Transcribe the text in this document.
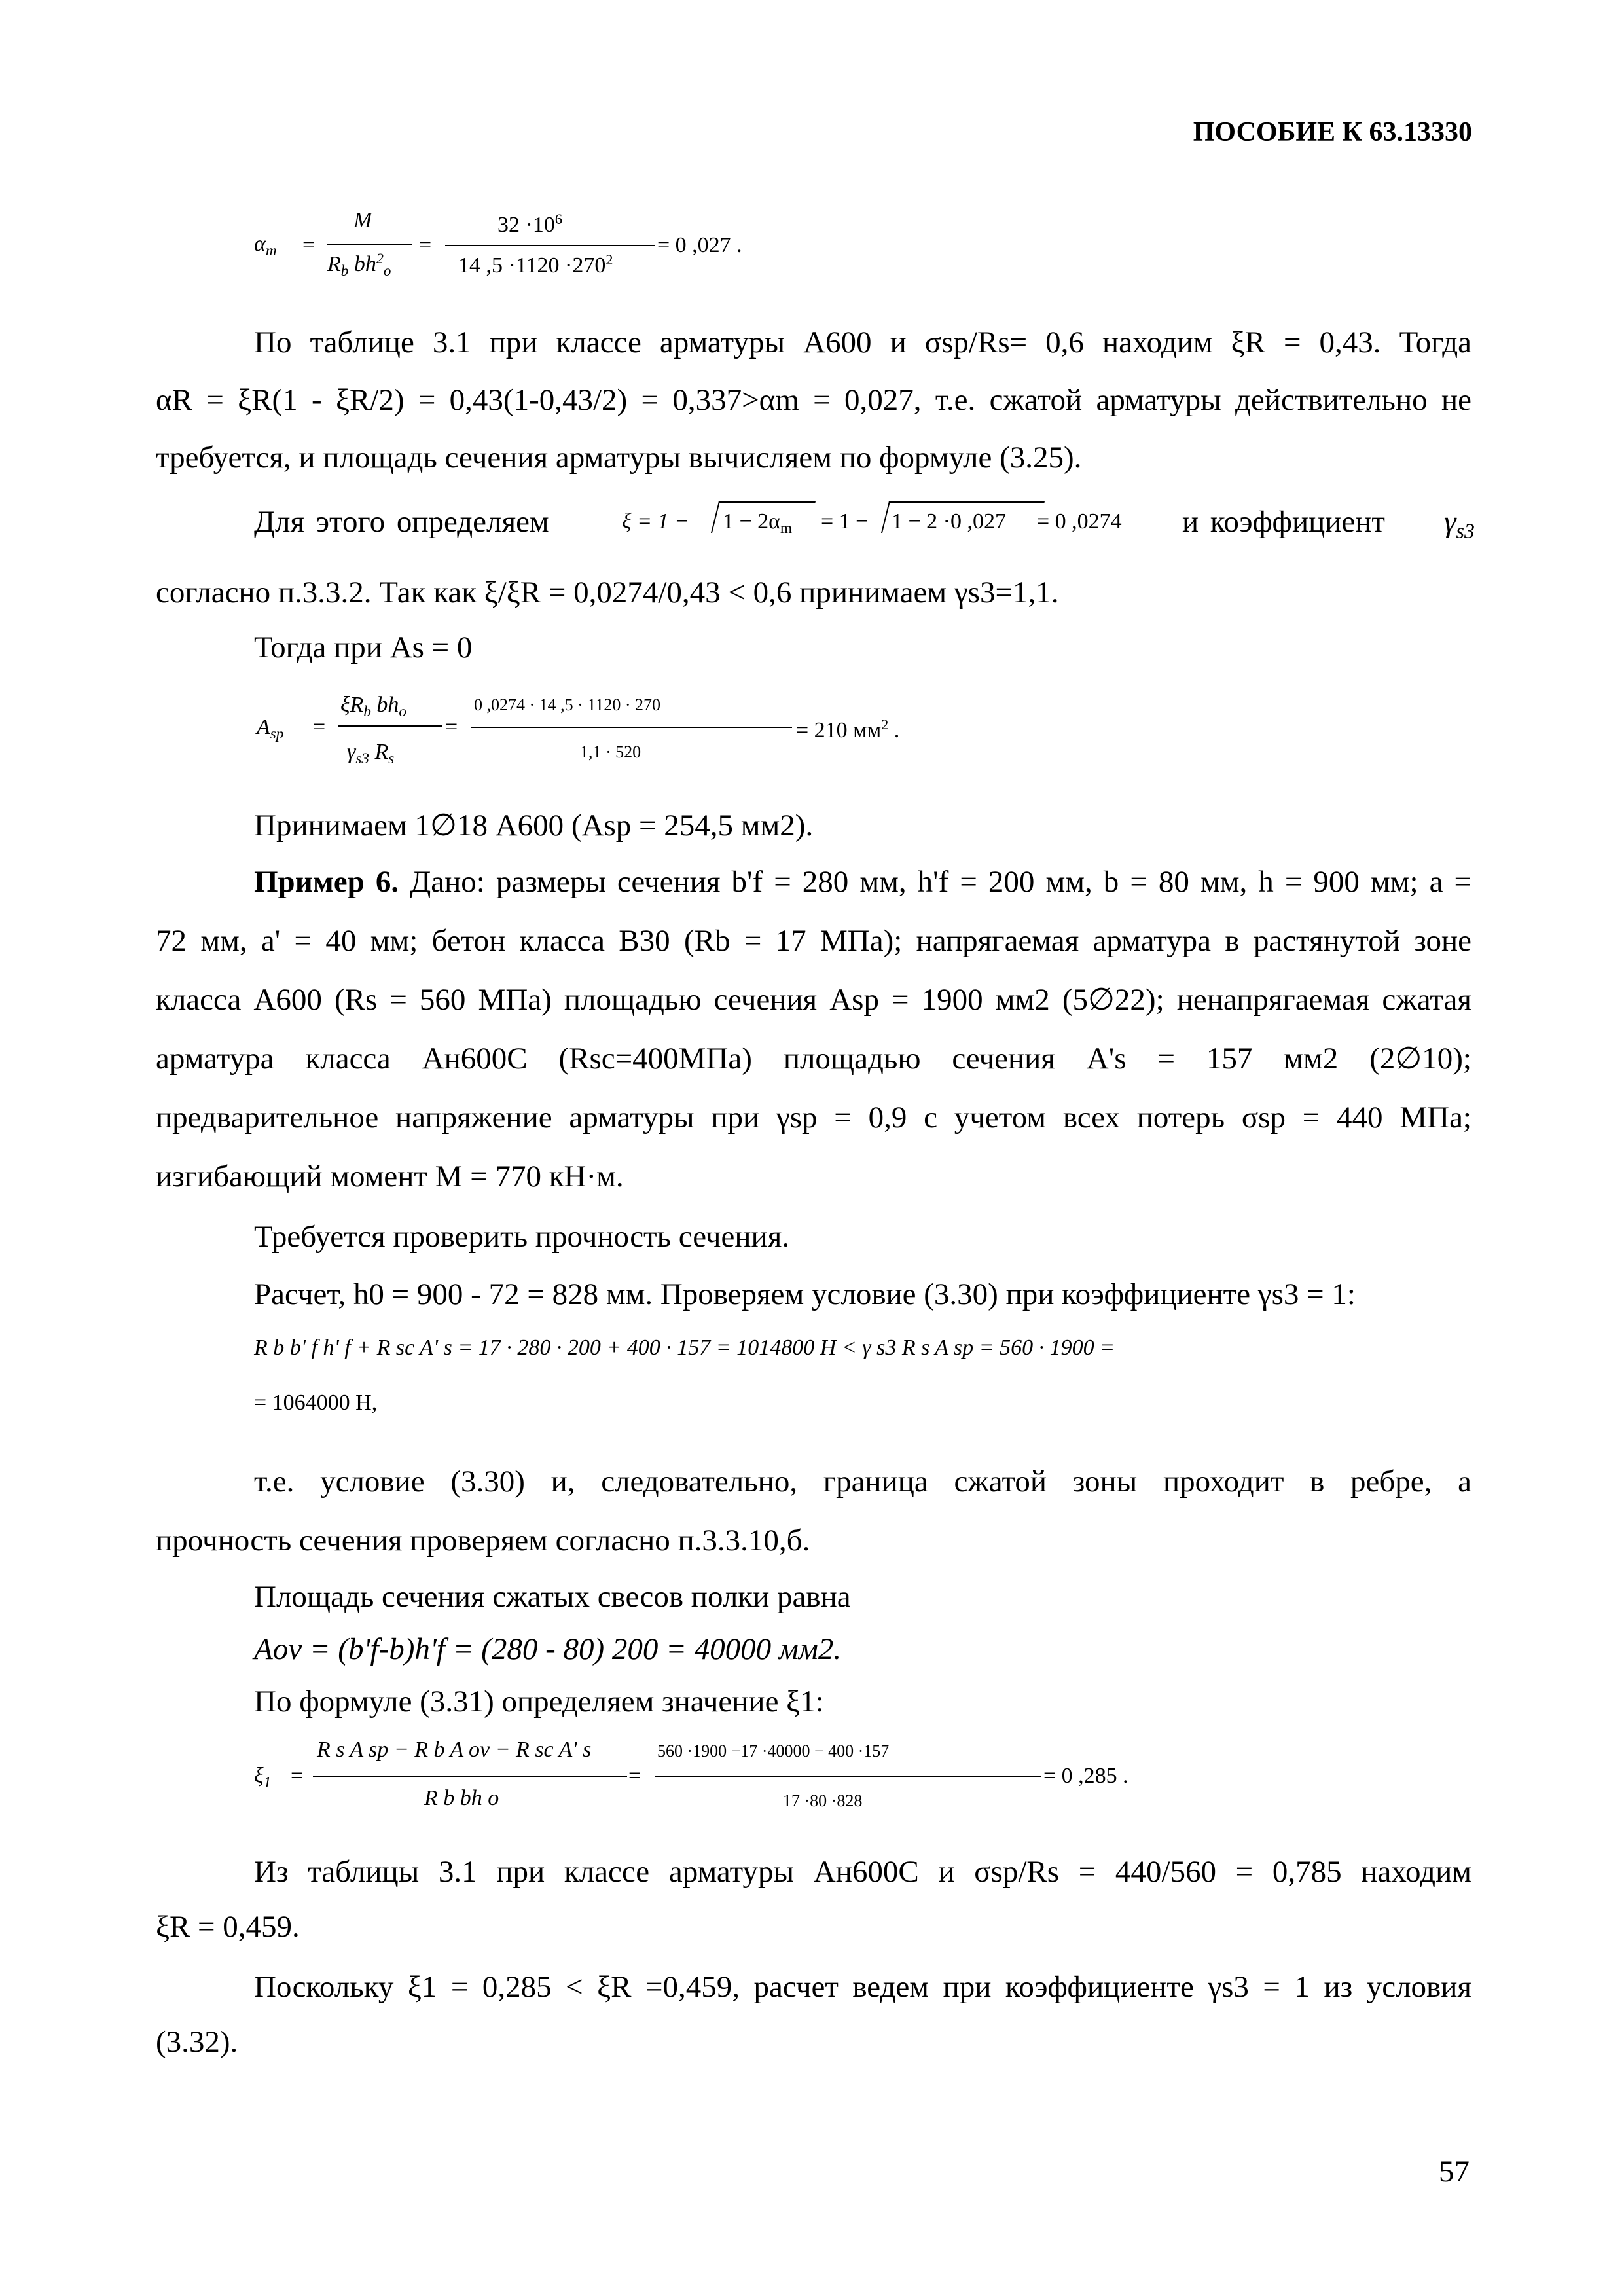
ПОСОБИЕ К 63.13330
$\alpha_m$ =
M
$R_b$ $bh^2_o$
=
$32 \cdot 10^6$
14 $,5 \cdot 1120 \cdot 270^2$
= 0 ,027 .
По таблице 3.1 при классе арматуры А600 и σsp/Rs= 0,6 находим ξR = 0,43. Тогда
αR = ξR(1 - ξR/2) = 0,43(1-0,43/2) = 0,337>αm = 0,027, т.е. сжатой арматуры действительно не
требуется, и площадь сечения арматуры вычисляем по формуле (3.25).
Для этого определяем	$\xi = 1 - 1 - 2\alpha_m = 1 - 1 - 2 \cdot 0$ ,027 = 0 ,0274 и коэффициент $\gamma_{s3}$
согласно п.3.3.2. Так как ξ/ξR = 0,0274/0,43 < 0,6 принимаем γs3=1,1.
Тогда при As = 0
$A_{sp}$ =
$\xi R_b$ $bh_o$
$\gamma_{s3}$ $R_s$
=
0 ,0274 · 14 ,5 · 1120 · 270
1,1 · 520
= 210 $мм^2$ .
Принимаем 1∅18 А600 (Asp = 254,5 мм2).
Пример 6. Дано: размеры сечения b'f = 280 мм, h'f = 200 мм, b = 80 мм, h = 900 мм; a =
72 мм, a' = 40 мм; бетон класса В30 (Rb = 17 МПа); напрягаемая арматура в растянутой зоне
класса А600 (Rs = 560 МПа) площадью сечения Asp = 1900 мм2 (5∅22); ненапрягаемая сжатая
арматура класса Ан600С (Rsc=400МПа) площадью сечения A's = 157 мм2 (2∅10);
предварительное напряжение арматуры при γsp = 0,9 с учетом всех потерь σsp = 440 МПа;
изгибающий момент M = 770 кН·м.
Требуется проверить прочность сечения.
Расчет, h0 = 900 - 72 = 828 мм. Проверяем условие (3.30) при коэффициенте γs3 = 1:
R b b' f h' f + R sc A' s = 17 · 280 · 200 + 400 · 157 = 1014800 Н < γ s3 R s A sp = 560 · 1900 =
= 1064000 Н,
т.е. условие (3.30) и, следовательно, граница сжатой зоны проходит в ребре, а
прочность сечения проверяем согласно п.3.3.10,б.
Площадь сечения сжатых свесов полки равна
Aov = (b'f-b)h'f = (280 - 80) 200 = 40000 мм2.
По формуле (3.31) определяем значение ξ1:
$\xi_1$ =
R s A sp − R b A ov − R sc A' s
R b bh o
=
560 ·1900 −17 ·40000 − 400 ·157
17 ·80 ·828
= 0 ,285 .
Из таблицы 3.1 при классе арматуры Ан600С и σsp/Rs = 440/560 = 0,785 находим
ξR = 0,459.
Поскольку ξ1 = 0,285 < ξR =0,459, расчет ведем при коэффициенте γs3 = 1 из условия
(3.32).
57
